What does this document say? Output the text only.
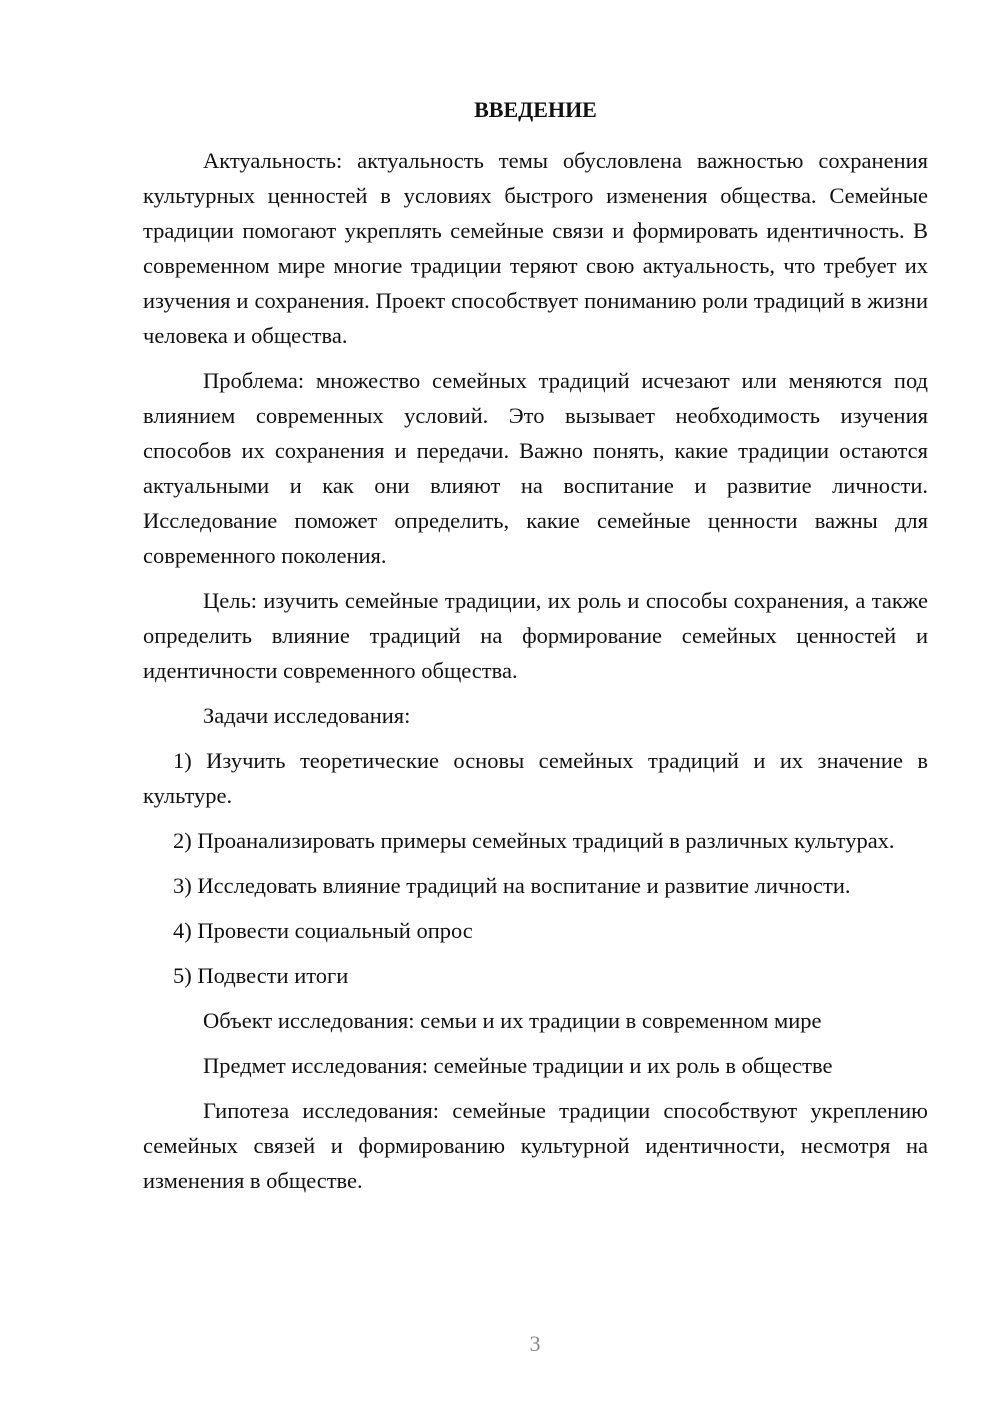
ВВЕДЕНИЕ

Актуальность: актуальность темы обусловлена важностью сохранения культурных ценностей в условиях быстрого изменения общества. Семейные традиции помогают укреплять семейные связи и формировать идентичность. В современном мире многие традиции теряют свою актуальность, что требует их изучения и сохранения. Проект способствует пониманию роли традиций в жизни человека и общества.

Проблема: множество семейных традиций исчезают или меняются под влиянием современных условий. Это вызывает необходимость изучения способов их сохранения и передачи. Важно понять, какие традиции остаются актуальными и как они влияют на воспитание и развитие личности. Исследование поможет определить, какие семейные ценности важны для современного поколения.

Цель: изучить семейные традиции, их роль и способы сохранения, а также определить влияние традиций на формирование семейных ценностей и идентичности современного общества.

Задачи исследования:

1) Изучить теоретические основы семейных традиций и их значение в культуре.

2) Проанализировать примеры семейных традиций в различных культурах.

3) Исследовать влияние традиций на воспитание и развитие личности.

4) Провести социальный опрос

5) Подвести итоги

Объект исследования: семьи и их традиции в современном мире

Предмет исследования: семейные традиции и их роль в обществе

Гипотеза исследования: семейные традиции способствуют укреплению семейных связей и формированию культурной идентичности, несмотря на изменения в обществе.

3
